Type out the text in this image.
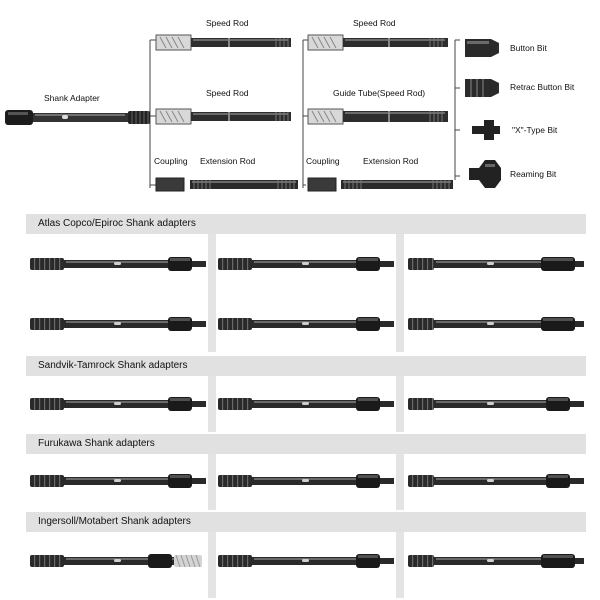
Shank Adapter
Speed Rod	Speed Rod
Speed Rod	Guide Tube(Speed Rod)
Coupling Extension Rod	Coupling	Extension Rod
Button Bit
Retrac Button Bit
"X"-Type Bit
Reaming Bit
Atlas Copco/Epiroc Shank adapters
Sandvik-Tamrock Shank adapters
Furukawa Shank adapters
Ingersoll/Motabert Shank adapters
